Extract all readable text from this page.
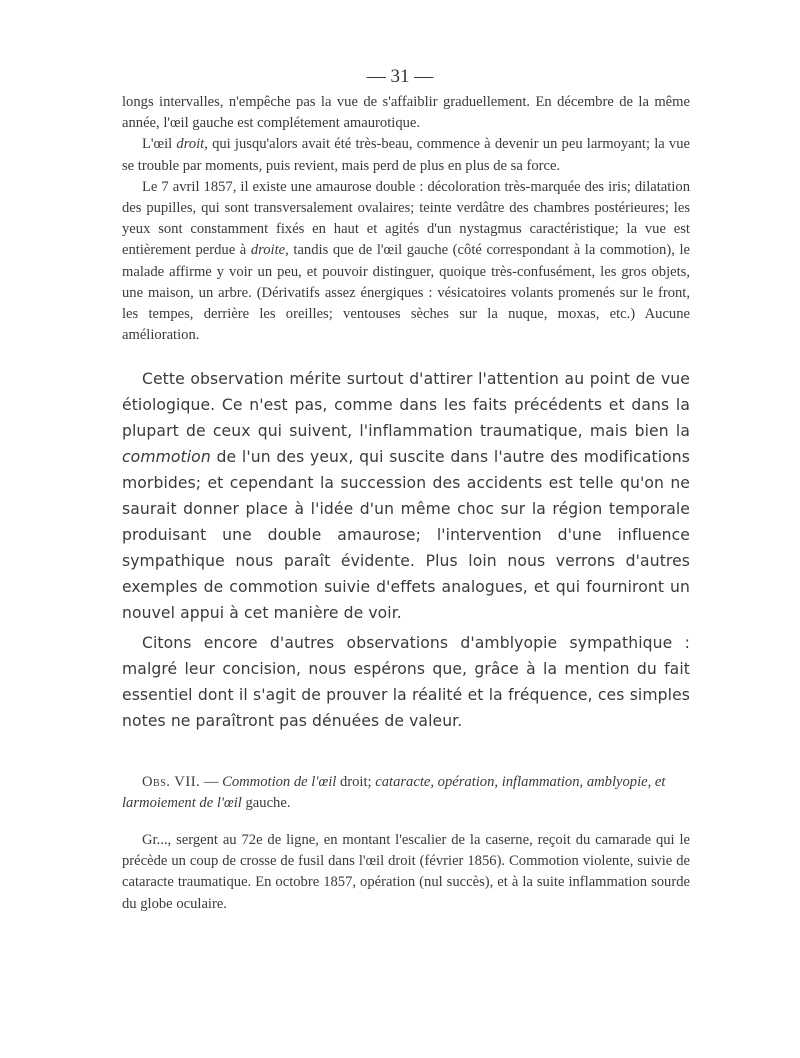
— 31 —

longs intervalles, n'empêche pas la vue de s'affaiblir graduellement. En décembre de la même année, l'œil gauche est complétement amaurotique.

L'œil droit, qui jusqu'alors avait été très-beau, commence à devenir un peu larmoyant; la vue se trouble par moments, puis revient, mais perd de plus en plus de sa force.

Le 7 avril 1857, il existe une amaurose double : décoloration très-marquée des iris; dilatation des pupilles, qui sont transversalement ovalaires; teinte verdâtre des chambres postérieures; les yeux sont constamment fixés en haut et agités d'un nystagmus caractéristique; la vue est entièrement perdue à droite, tandis que de l'œil gauche (côté correspondant à la commotion), le malade affirme y voir un peu, et pouvoir distinguer, quoique très-confusément, les gros objets, une maison, un arbre. (Dérivatifs assez énergiques : vésicatoires volants promenés sur le front, les tempes, derrière les oreilles; ventouses sèches sur la nuque, moxas, etc.) Aucune amélioration.

Cette observation mérite surtout d'attirer l'attention au point de vue étiologique. Ce n'est pas, comme dans les faits précédents et dans la plupart de ceux qui suivent, l'inflammation traumatique, mais bien la commotion de l'un des yeux, qui suscite dans l'autre des modifications morbides; et cependant la succession des accidents est telle qu'on ne saurait donner place à l'idée d'un même choc sur la région temporale produisant une double amaurose; l'intervention d'une influence sympathique nous paraît évidente. Plus loin nous verrons d'autres exemples de commotion suivie d'effets analogues, et qui fourniront un nouvel appui à cet manière de voir.

Citons encore d'autres observations d'amblyopie sympathique : malgré leur concision, nous espérons que, grâce à la mention du fait essentiel dont il s'agit de prouver la réalité et la fréquence, ces simples notes ne paraîtront pas dénuées de valeur.

Obs. VII. — Commotion de l'œil droit; cataracte, opération, inflammation, amblyopie, et larmoiement de l'œil gauche.

Gr..., sergent au 72e de ligne, en montant l'escalier de la caserne, reçoit du camarade qui le précède un coup de crosse de fusil dans l'œil droit (février 1856). Commotion violente, suivie de cataracte traumatique. En octobre 1857, opération (nul succès), et à la suite inflammation sourde du globe oculaire.
